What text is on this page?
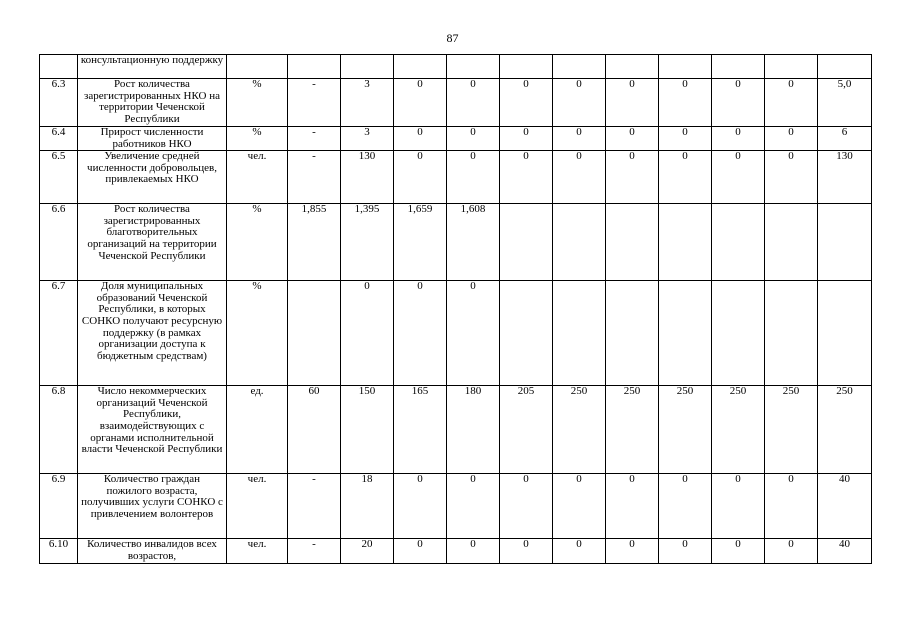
87
	консультационную поддержку												
6.3	Рост количества зарегистрированных НКО на территории Чеченской Республики	%	-	3	0	0	0	0	0	0	0	0	5,0
6.4	Прирост численности работников НКО	%	-	3	0	0	0	0	0	0	0	0	6
6.5	Увеличение средней численности добровольцев, привлекаемых НКО	чел.	-	130	0	0	0	0	0	0	0	0	130
6.6	Рост количества зарегистрированных благотворительных организаций на территории Чеченской Республики	%	1,855	1,395	1,659	1,608							
6.7	Доля муниципальных образований Чеченской Республики, в которых СОНКО получают ресурсную поддержку (в рамках организации доступа к бюджетным средствам)	%		0	0	0							
6.8	Число некоммерческих организаций Чеченской Республики, взаимодействующих с органами исполнительной власти Чеченской Республики	ед.	60	150	165	180	205	250	250	250	250	250	250
6.9	Количество граждан пожилого возраста, получивших услуги СОНКО с привлечением волонтеров	чел.	-	18	0	0	0	0	0	0	0	0	40
6.10	Количество инвалидов всех возрастов,	чел.	-	20	0	0	0	0	0	0	0	0	40
